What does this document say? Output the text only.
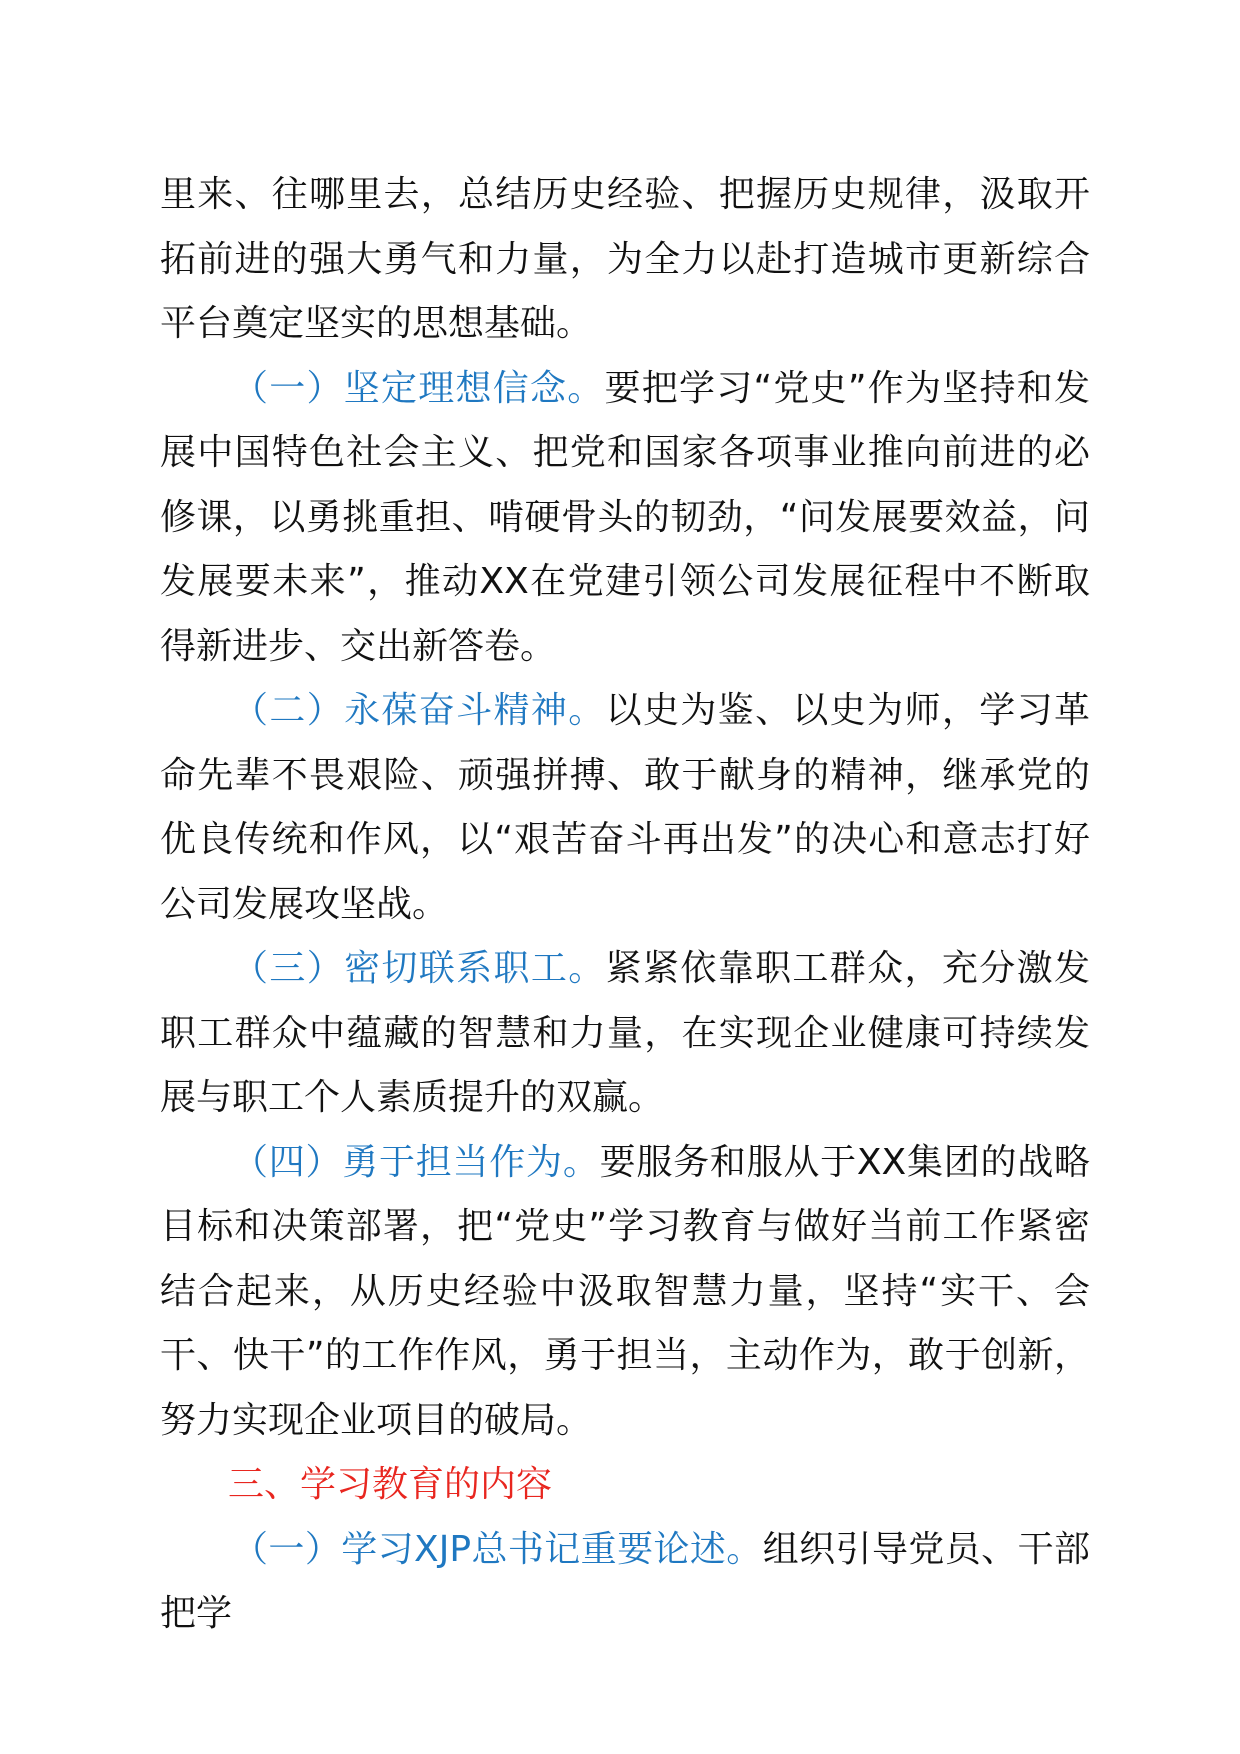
里来、往哪里去，总结历史经验、把握历史规律，汲取开拓前进的强大勇气和力量，为全力以赴打造城市更新综合平台奠定坚实的思想基础。

（一）坚定理想信念。要把学习“党史”作为坚持和发展中国特色社会主义、把党和国家各项事业推向前进的必修课，以勇挑重担、啃硬骨头的韧劲，“问发展要效益，问发展要未来”，推动XX在党建引领公司发展征程中不断取得新进步、交出新答卷。

（二）永葆奋斗精神。以史为鉴、以史为师，学习革命先辈不畏艰险、顽强拼搏、敢于献身的精神，继承党的优良传统和作风，以“艰苦奋斗再出发”的决心和意志打好公司发展攻坚战。

（三）密切联系职工。紧紧依靠职工群众，充分激发职工群众中蕴藏的智慧和力量，在实现企业健康可持续发展与职工个人素质提升的双赢。

（四）勇于担当作为。要服务和服从于XX集团的战略目标和决策部署，把“党史”学习教育与做好当前工作紧密结合起来，从历史经验中汲取智慧力量，坚持“实干、会干、快干”的工作作风，勇于担当，主动作为，敢于创新，努力实现企业项目的破局。

三、学习教育的内容

（一）学习XJP总书记重要论述。组织引导党员、干部把学
